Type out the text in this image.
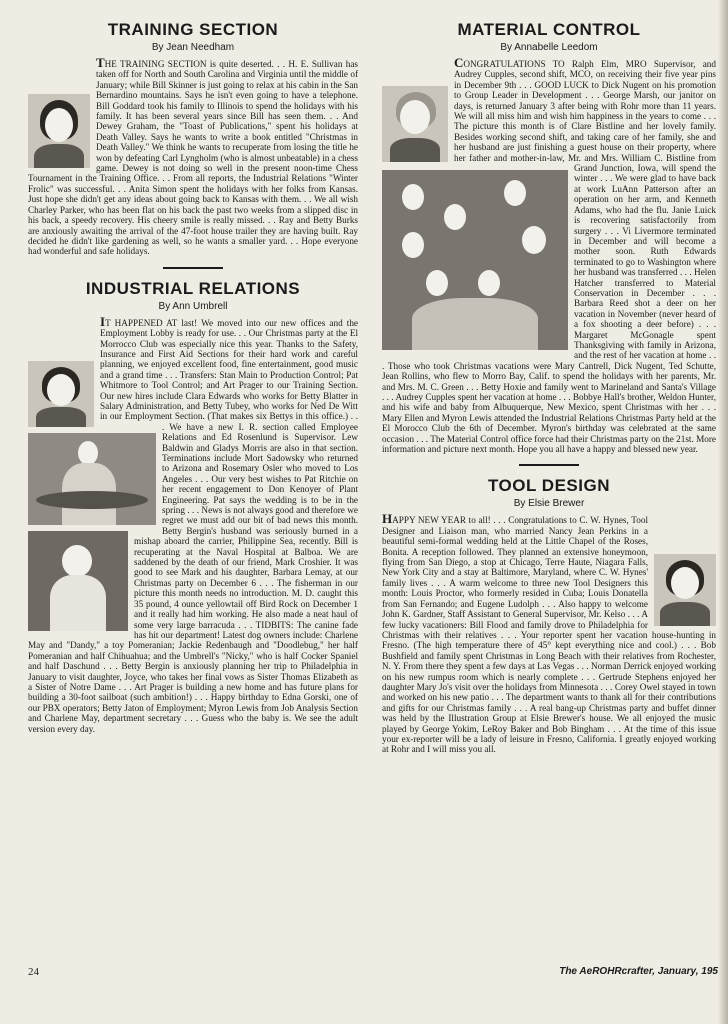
TRAINING SECTION
By Jean Needham

THE TRAINING SECTION is quite deserted. . . H. E. Sullivan has taken off for North and South Carolina and Virginia until the middle of January; while Bill Skinner is just going to relax at his cabin in the San Bernardino mountains. Says he isn't even going to have a telephone. Bill Goddard took his family to Illinois to spend the holidays with his family. It has been several years since Bill has seen them. . . And Dewey Graham, the "Toast of Publications," spent his holidays at Death Valley. Says he wants to write a book entitled "Christmas in Death Valley." We think he wants to recuperate from losing the title he won by defeating Carl Lyngholm (who is almost unbeatable) in a chess game. Dewey is not doing so well in the present noon-time Chess Tournament in the Training Office. . . From all reports, the Industrial Relations "Winter Frolic" was successful. . . Anita Simon spent the holidays with her folks from Kansas. Just hope she didn't get any ideas about going back to Kansas with them. . . We all wish Charley Parker, who has been flat on his back the past two weeks from a slipped disc in his back, a speedy recovery. His cheery smile is really missed. . . Ray and Betty Burks are anxiously awaiting the arrival of the 47-foot house trailer they are having built. Ray decided he didn't like gardening as well, so he wants a smaller yard. . . Hope everyone had wonderful and safe holidays.

INDUSTRIAL RELATIONS
By Ann Umbrell

IT HAPPENED AT last! We moved into our new offices and the Employment Lobby is ready for use. . . Our Christmas party at the El Morrocco Club was especially nice this year. Thanks to the Safety, Insurance and First Aid Sections for their hard work and careful planning, we enjoyed excellent food, fine entertainment, good music and a grand time . . . Transfers: Stan Main to Production Control; Pat Whitmore to Tool Control; and Art Prager to our Training Section. Our new hires include Clara Edwards who works for Betty Blatter in Salary Administration, and Betty Tubey, who works for Ned De Witt in our Employment Section. (That makes six Bettys in this office.) . . . We have a new I. R. section called Employee Relations and Ed Rosenlund is Supervisor. Lew Baldwin and Gladys Morris are also in that section. Terminations include Mort Sadowsky who returned to Arizona and Rosemary Osler who moved to Los Angeles . . . Our very best wishes to Pat Ritchie on her recent engagement to Don Kenoyer of Plant Engineering. Pat says the wedding is to be in the spring . . . News is not always good and therefore we regret we must add our bit of bad news this month. Betty Bergin's husband was seriously burned in a mishap aboard the carrier, Philippine Sea, recently. Bill is recuperating at the Naval Hospital at Balboa. We are saddened by the death of our friend, Mark Croshier. It was good to see Mark and his daughter, Barbara Lemay, at our Christmas party on December 6 . . . The fisherman in our picture this month needs no introduction. M. D. caught this 35 pound, 4 ounce yellowtail off Bird Rock on December 1 and it really had him working. He also made a neat haul of some very large barracuda . . . TIDBITS: The canine fade has hit our department! Latest dog owners include: Charlene May and "Dandy," a toy Pomeranian; Jackie Redenbaugh and "Doodlebug," her half Pomeranian and half Chihuahua; and the Umbrell's "Nicky," who is half Cocker Spaniel and half Daschund . . . Betty Bergin is anxiously planning her trip to Philadelphia in January to visit daughter, Joyce, who takes her final vows as Sister Thomas Elizabeth as a Sister of Notre Dame . . . Art Prager is building a new home and has future plans for building a 30-foot sailboat (such ambition!) . . . Happy birthday to Edna Gorski, one of our PBX operators; Betty Jaton of Employment; Myron Lewis from Job Analysis Section and Charlene May, department secretary . . . Guess who the baby is. We see the adult version every day.

MATERIAL CONTROL
By Annabelle Leedom

CONGRATULATIONS TO Ralph Elm, MRO Supervisor, and Audrey Cupples, second shift, MCO, on receiving their five year pins in December 9th . . . GOOD LUCK to Dick Nugent on his promotion to Group Leader in Development . . . George Marsh, our janitor on days, is returned January 3 after being with Rohr more than 11 years. We will all miss him and wish him happiness in the years to come . . . The picture this month is of Clare Bistline and her lovely family. Besides working second shift, and taking care of her family, she and her husband are just finishing a guest house on their property, where her father and mother-in-law, Mr. and Mrs. William C. Bistline from Grand Junction, Iowa, will spend the winter . . . We were glad to have back at work LuAnn Patterson after an operation on her arm, and Kenneth Adams, who had the flu. Janie Luick is recovering satisfactorily from surgery . . . Vi Livermore terminated in December and will become a mother soon. Ruth Edwards terminated to go to Washington where her husband was transferred . . . Helen Hatcher transferred to Material Conservation in December . . . Barbara Reed shot a deer on her vacation in November (never heard of a fox shooting a deer before) . . . Margaret McGonagle spent Thanksgiving with family in Arizona, and the rest of her vacation at home . . . Those who took Christmas vacations were Mary Cantrell, Dick Nugent, Ted Schutte, Jean Rollins, who flew to Morro Bay, Calif. to spend the holidays with her parents, Mr. and Mrs. M. C. Green . . . Betty Hoxie and family went to Marineland and Santa's Village . . . Audrey Cupples spent her vacation at home . . . Bobbye Hall's brother, Weldon Hunter, and his wife and baby from Albuquerque, New Mexico, spent Christmas with her . . . Mary Ellen and Myron Lewis attended the Industrial Relations Christmas Party held at the El Morocco Club the 6th of December. Myron's birthday was celebrated at the same occasion . . . The Material Control office force had their Christmas party on the 21st. More information and picture next month. Hope you all have a happy and blessed new year.

TOOL DESIGN
By Elsie Brewer

HAPPY NEW YEAR to all! . . . Congratulations to C. W. Hynes, Tool Designer and Liaison man, who married Nancy Jean Perkins in a beautiful semi-formal wedding held at the Little Chapel of the Roses, Bonita. A reception followed. They planned an extensive honeymoon, flying from San Diego, a stop at Chicago, Terre Haute, Niagara Falls, New York City and a stay at Baltimore, Maryland, where C. W. Hynes' family lives . . . A warm welcome to three new Tool Designers this month: Louis Proctor, who formerly resided in Cuba; Louis Donatella from San Fernando; and Eugene Ludolph . . . Also happy to welcome John K. Gardner, Staff Assistant to General Supervisor, Mr. Kelso . . . A few lucky vacationers: Bill Flood and family drove to Philadelphia for Christmas with their relatives . . . Your reporter spent her vacation house-hunting in Fresno. (The high temperature there of 45° kept everything nice and cool.) . . . Bob Bushfield and family spent Christmas in Long Beach with their relatives from Rochester, N. Y. From there they spent a few days at Las Vegas . . . Norman Derrick enjoyed working on his new rumpus room which is nearly complete . . . Gertrude Stephens enjoyed her daughter Mary Jo's visit over the holidays from Minnesota . . . Corey Owel stayed in town and worked on his new patio . . . The department wants to thank all for their contributions and gifts for our Christmas family . . . A real bang-up Christmas party and buffet dinner was held by the Illustration Group at Elsie Brewer's house. We all enjoyed the music played by George Yokim, LeRoy Baker and Bob Bingham . . . At the time of this issue your ex-reporter will be a lady of leisure in Fresno, California. I greatly enjoyed working at Rohr and I will miss you all.

24	The AeROHRcrafter, January, 195
